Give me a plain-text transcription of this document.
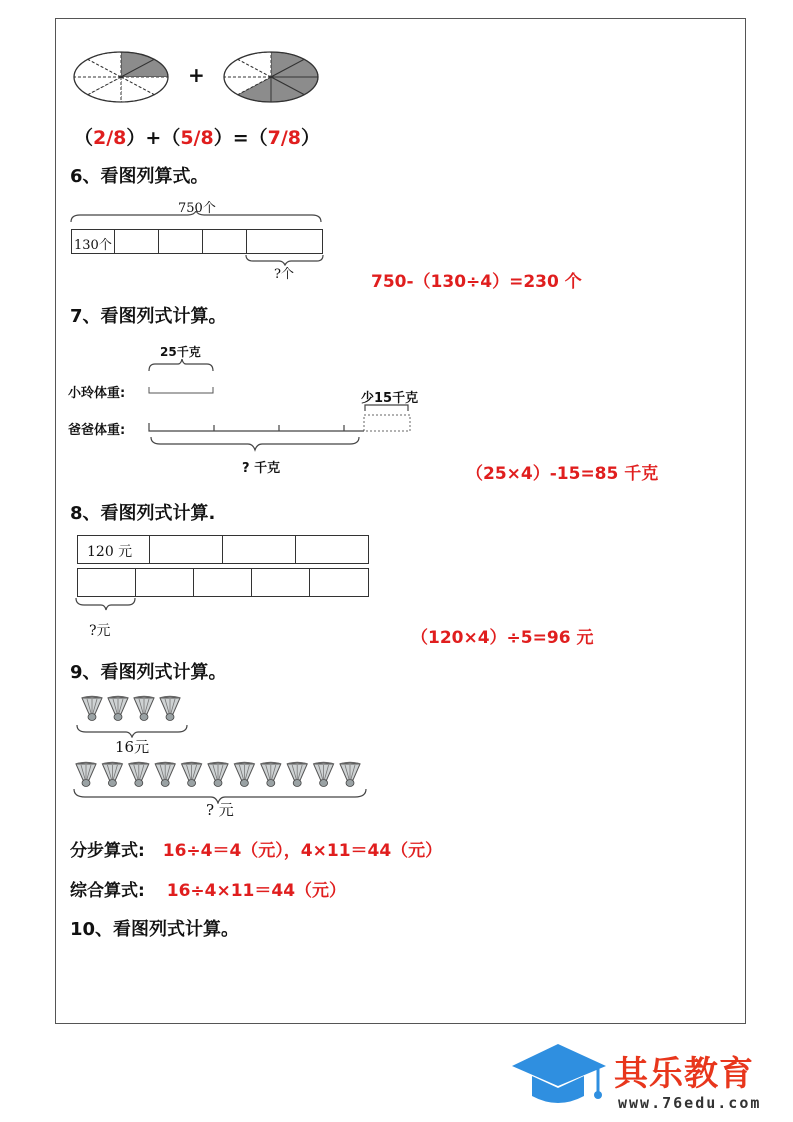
+
（2/8）+（5/8）=（7/8）
6、看图列算式。
750个
130个
?个	750-（130÷4）=230 个
7、看图列式计算。
25千克
小玲体重:	少15千克
爸爸体重:
? 千克	（25×4）-15=85 千克
8、看图列式计算.
120 元
?元	（120×4）÷5=96 元
9、看图列式计算。
16元
? 元
分步算式: 16÷4＝4（元），4×11＝44（元）
综合算式: 16÷4×11＝44（元）
10、看图列式计算。
其乐教育
www.76edu.com
